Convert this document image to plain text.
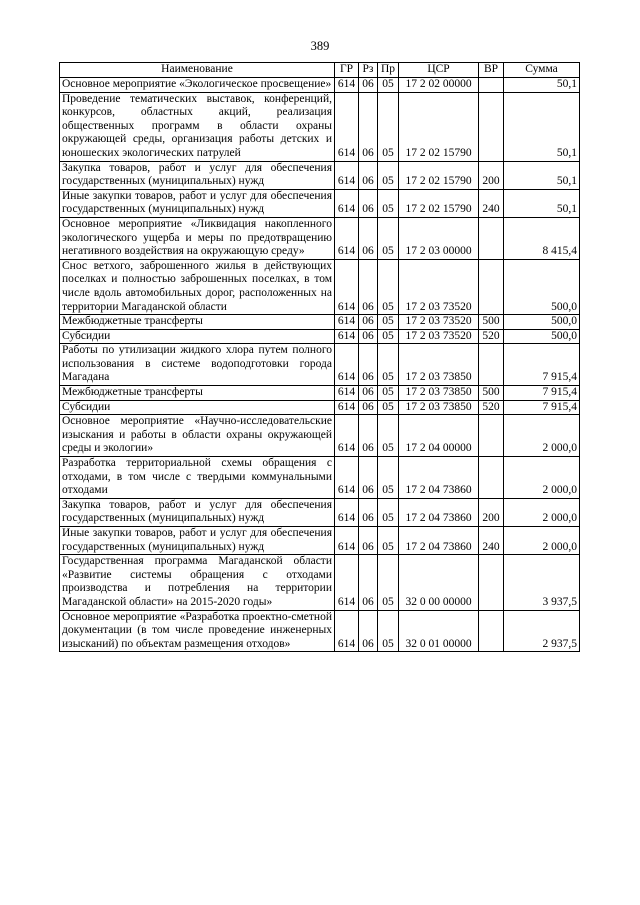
389
Наименование	ГР	Рз	Пр	ЦСР	ВР	Сумма
Основное мероприятие «Экологическое просвещение»	614	06	05	17 2 02 00000		50,1
Проведение тематических выставок, конференций, конкурсов, областных акций, реализация общественных программ в области охраны окружающей среды, организация работы детских и юношеских экологических патрулей	614	06	05	17 2 02 15790		50,1
Закупка товаров, работ и услуг для обеспечения государственных (муниципальных) нужд	614	06	05	17 2 02 15790	200	50,1
Иные закупки товаров, работ и услуг для обеспечения государственных (муниципальных) нужд	614	06	05	17 2 02 15790	240	50,1
Основное мероприятие «Ликвидация накопленного экологического ущерба и меры по предотвращению негативного воздействия на окружающую среду»	614	06	05	17 2 03 00000		8 415,4
Снос ветхого, заброшенного жилья в действующих поселках и полностью заброшенных поселках, в том числе вдоль автомобильных дорог, расположенных на территории Магаданской области	614	06	05	17 2 03 73520		500,0
Межбюджетные трансферты	614	06	05	17 2 03 73520	500	500,0
Субсидии	614	06	05	17 2 03 73520	520	500,0
Работы по утилизации жидкого хлора путем полного использования в системе водоподготовки города Магадана	614	06	05	17 2 03 73850		7 915,4
Межбюджетные трансферты	614	06	05	17 2 03 73850	500	7 915,4
Субсидии	614	06	05	17 2 03 73850	520	7 915,4
Основное мероприятие «Научно-исследовательские изыскания и работы в области охраны окружающей среды и экологии»	614	06	05	17 2 04 00000		2 000,0
Разработка территориальной схемы обращения с отходами, в том числе с твердыми коммунальными отходами	614	06	05	17 2 04 73860		2 000,0
Закупка товаров, работ и услуг для обеспечения государственных (муниципальных) нужд	614	06	05	17 2 04 73860	200	2 000,0
Иные закупки товаров, работ и услуг для обеспечения государственных (муниципальных) нужд	614	06	05	17 2 04 73860	240	2 000,0
Государственная программа Магаданской области «Развитие системы обращения с отходами производства и потребления на территории Магаданской области» на 2015-2020 годы»	614	06	05	32 0 00 00000		3 937,5
Основное мероприятие «Разработка проектно-сметной документации (в том числе проведение инженерных изысканий) по объектам размещения отходов»	614	06	05	32 0 01 00000		2 937,5
